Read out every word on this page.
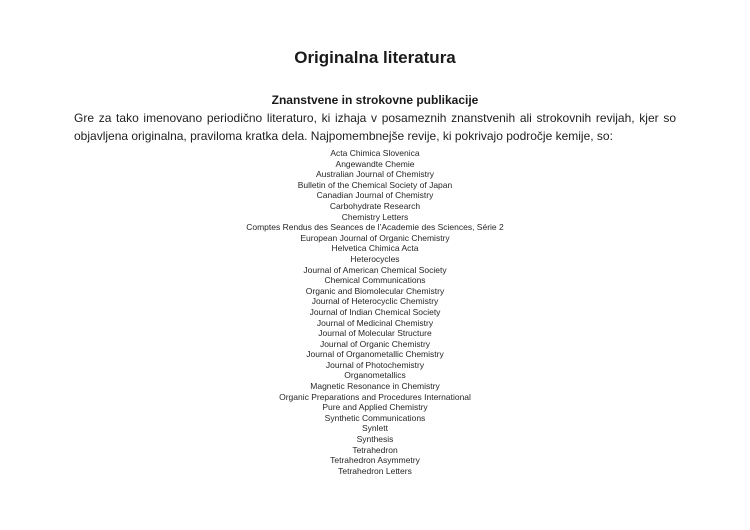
Originalna literatura
Znanstvene in strokovne publikacije

Gre za tako imenovano periodično literaturo, ki izhaja v posameznih znanstvenih ali strokovnih revijah, kjer so objavljena originalna, praviloma kratka dela. Najpomembnejše revije, ki pokrivajo področje kemije, so:

Acta Chimica Slovenica
Angewandte Chemie
Australian Journal of Chemistry
Bulletin of the Chemical Society of Japan
Canadian Journal of Chemistry
Carbohydrate Research
Chemistry Letters
Comptes Rendus des Seances de l’Academie des Sciences, Série 2
European Journal of Organic Chemistry
Helvetica Chimica Acta
Heterocycles
Journal of American Chemical Society
Chemical Communications
Organic and Biomolecular Chemistry
Journal of Heterocyclic Chemistry
Journal of Indian Chemical Society
Journal of Medicinal Chemistry
Journal of Molecular Structure
Journal of Organic Chemistry
Journal of Organometallic Chemistry
Journal of Photochemistry
Organometallics
Magnetic Resonance in Chemistry
Organic Preparations and Procedures International
Pure and Applied Chemistry
Synthetic Communications
Synlett
Synthesis
Tetrahedron
Tetrahedron Asymmetry
Tetrahedron Letters
